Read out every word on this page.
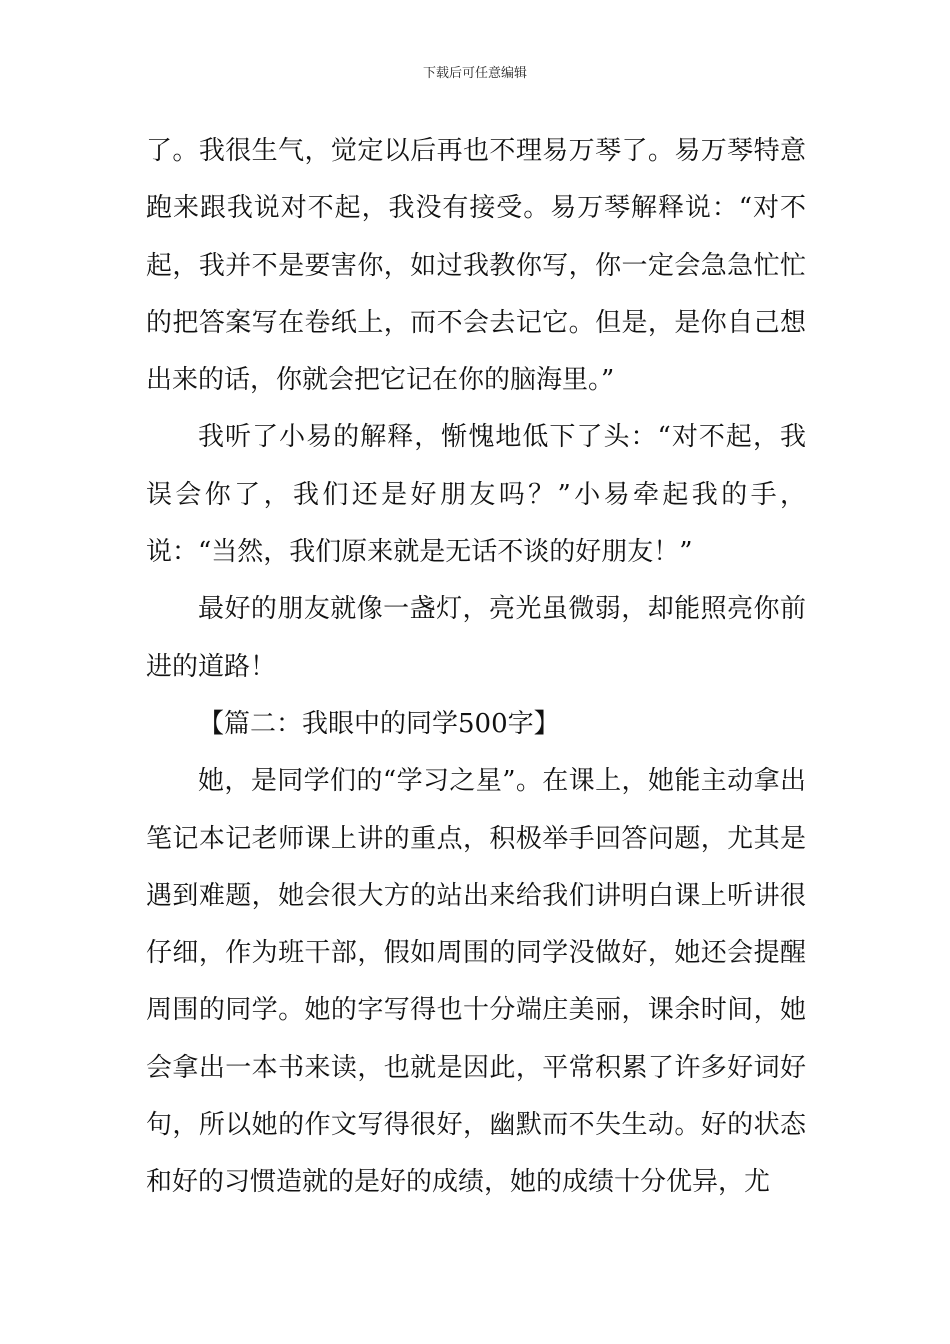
下载后可任意编辑

了。我很生气，觉定以后再也不理易万琴了。易万琴特意跑来跟我说对不起，我没有接受。易万琴解释说：“对不起，我并不是要害你，如过我教你写，你一定会急急忙忙的把答案写在卷纸上，而不会去记它。但是，是你自己想出来的话，你就会把它记在你的脑海里。”

我听了小易的解释，惭愧地低下了头：“对不起，我误会你了，我们还是好朋友吗？”小易牵起我的手，说：“当然，我们原来就是无话不谈的好朋友！”

最好的朋友就像一盏灯，亮光虽微弱，却能照亮你前进的道路！

【篇二：我眼中的同学500字】

她，是同学们的“学习之星”。在课上，她能主动拿出笔记本记老师课上讲的重点，积极举手回答问题，尤其是遇到难题，她会很大方的站出来给我们讲明白课上听讲很仔细，作为班干部，假如周围的同学没做好，她还会提醒周围的同学。她的字写得也十分端庄美丽，课余时间，她会拿出一本书来读，也就是因此，平常积累了许多好词好句，所以她的作文写得很好，幽默而不失生动。好的状态和好的习惯造就的是好的成绩，她的成绩十分优异，尤
